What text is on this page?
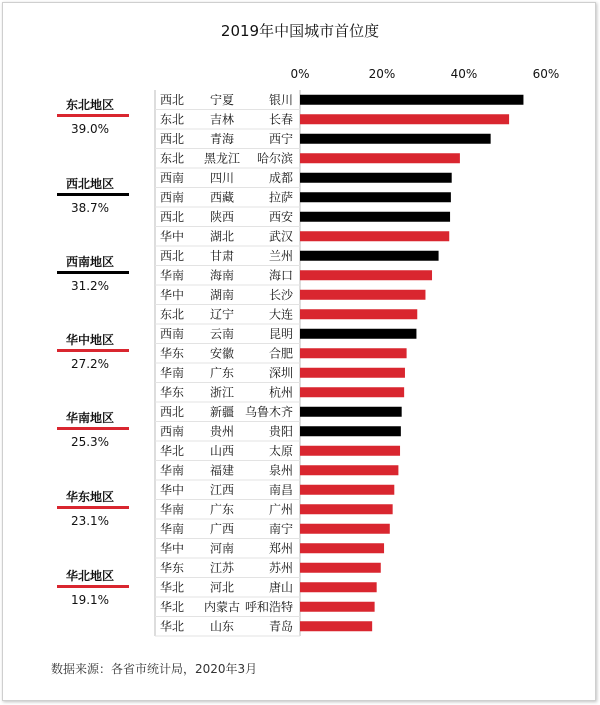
2019年中国城市首位度
0%	20%	40%	60%
西北 宁夏	银川
东北 吉林	长春
西北 青海	西宁
东北 黑龙江 哈尔滨
西南 四川	成都
西南 西藏	拉萨
西北 陕西	西安
华中 湖北	武汉
西北 甘肃	兰州
华南 海南	海口
华中 湖南	长沙
东北 辽宁	大连
西南 云南	昆明
华东 安徽	合肥
华南 广东	深圳
华东 浙江	杭州
西北 新疆 乌鲁木齐
西南 贵州	贵阳
华北 山西	太原
华南 福建	泉州
华中 江西	南昌
华南 广东	广州
华南 广西	南宁
华中 河南	郑州
华东 江苏	苏州
华北 河北	唐山
华北 内蒙古 呼和浩特
华北 山东	青岛
东北地区
39.0%
西北地区
38.7%
西南地区
31.2%
华中地区
27.2%
华南地区
25.3%
华东地区
23.1%
华北地区
19.1%
数据来源：各省市统计局，2020年3月
